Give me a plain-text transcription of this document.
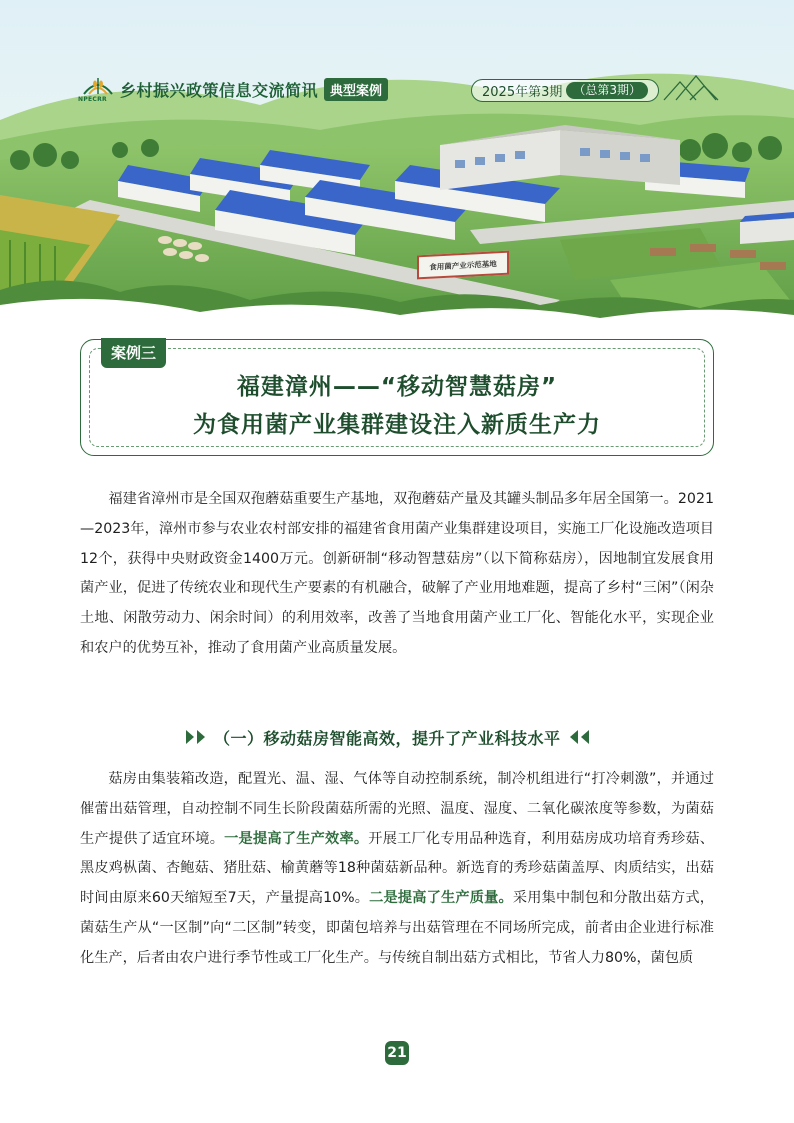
NPECRR 乡村振兴政策信息交流简讯 典型案例	2025年第3期 （总第3期）
食用菌产业示范基地
案例三
福建漳州——“移动智慧菇房”
为食用菌产业集群建设注入新质生产力

福建省漳州市是全国双孢蘑菇重要生产基地，双孢蘑菇产量及其罐头制品多年居全国第一。2021—2023年，漳州市参与农业农村部安排的福建省食用菌产业集群建设项目，实施工厂化设施改造项目12个，获得中央财政资金1400万元。创新研制“移动智慧菇房”（以下简称菇房），因地制宜发展食用菌产业，促进了传统农业和现代生产要素的有机融合，破解了产业用地难题，提高了乡村“三闲”（闲杂土地、闲散劳动力、闲余时间）的利用效率，改善了当地食用菌产业工厂化、智能化水平，实现企业和农户的优势互补，推动了食用菌产业高质量发展。

（一）移动菇房智能高效，提升了产业科技水平

菇房由集装箱改造，配置光、温、湿、气体等自动控制系统，制冷机组进行“打冷刺激”，并通过催蕾出菇管理，自动控制不同生长阶段菌菇所需的光照、温度、湿度、二氧化碳浓度等参数，为菌菇生产提供了适宜环境。一是提高了生产效率。开展工厂化专用品种选育，利用菇房成功培育秀珍菇、黑皮鸡枞菌、杏鲍菇、猪肚菇、榆黄蘑等18种菌菇新品种。新选育的秀珍菇菌盖厚、肉质结实，出菇时间由原来60天缩短至7天，产量提高10%。二是提高了生产质量。采用集中制包和分散出菇方式，菌菇生产从“一区制”向“二区制”转变，即菌包培养与出菇管理在不同场所完成，前者由企业进行标准化生产，后者由农户进行季节性或工厂化生产。与传统自制出菇方式相比，节省人力80%，菌包质

21
